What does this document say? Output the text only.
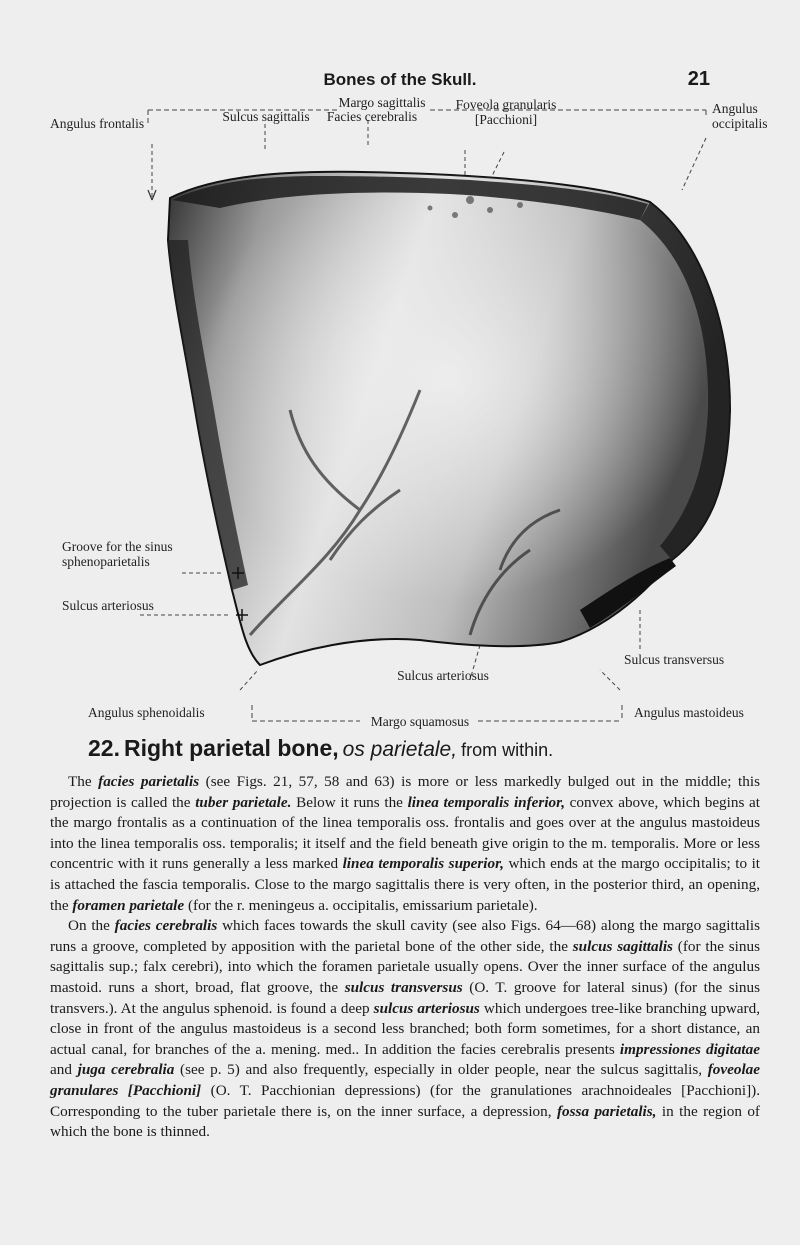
Bones of the Skull.	21
Margo sagittalis
Angulus frontalis	Sulcus sagittalis	Facies cerebralis
Foveola granularis
[Pacchioni]
Angulus
occipitalis
Groove for the sinus
sphenoparietalis
Sulcus arteriosus
Sulcus transversus
Sulcus arteriosus
Angulus sphenoidalis	Angulus mastoideus
Margo squamosus
22. Right parietal bone, os parietale, from within.

The facies parietalis (see Figs. 21, 57, 58 and 63) is more or less markedly bulged out in the middle; this projection is called the tuber parietale. Below it runs the linea temporalis inferior, convex above, which begins at the margo frontalis as a continuation of the linea temporalis oss. frontalis and goes over at the angulus mastoideus into the linea temporalis oss. temporalis; it itself and the field beneath give origin to the m. temporalis. More or less concentric with it runs generally a less marked linea temporalis superior, which ends at the margo occipitalis; to it is attached the fascia temporalis. Close to the margo sagittalis there is very often, in the posterior third, an opening, the foramen parietale (for the r. meningeus a. occipitalis, emissarium parietale).

On the facies cerebralis which faces towards the skull cavity (see also Figs. 64—68) along the margo sagittalis runs a groove, completed by apposition with the parietal bone of the other side, the sulcus sagittalis (for the sinus sagittalis sup.; falx cerebri), into which the foramen parietale usually opens. Over the inner surface of the angulus mastoid. runs a short, broad, flat groove, the sulcus transversus (O. T. groove for lateral sinus) (for the sinus transvers.). At the angulus sphenoid. is found a deep sulcus arteriosus which undergoes tree-like branching upward, close in front of the angulus mastoideus is a second less branched; both form sometimes, for a short distance, an actual canal, for branches of the a. mening. med.. In addition the facies cerebralis presents impressiones digitatae and juga cerebralia (see p. 5) and also frequently, especially in older people, near the sulcus sagittalis, foveolae granulares [Pacchioni] (O. T. Pacchionian depressions) (for the granulationes arachnoideales [Pacchioni]). Corresponding to the tuber parietale there is, on the inner surface, a depression, fossa parietalis, in the region of which the bone is thinned.
